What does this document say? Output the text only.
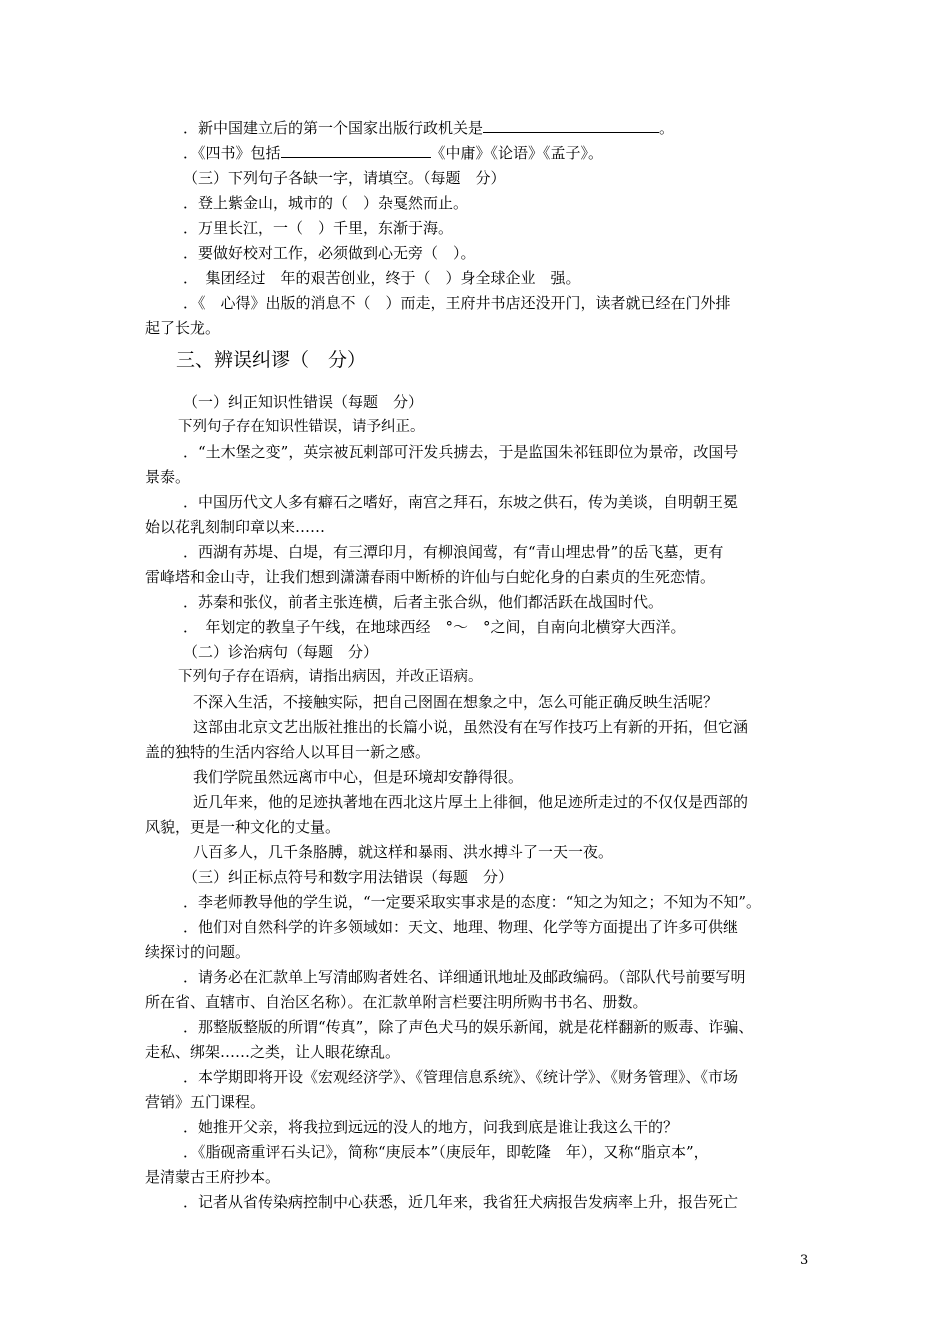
．新中国建立后的第一个国家出版行政机关是	。
．《四书》包括	《中庸》《论语》《孟子》。
（三）下列句子各缺一字，请填空。（每题　分）
．登上紫金山，城市的（　）杂戛然而止。
．万里长江，一（　）千里，东渐于海。
．要做好校对工作，必须做到心无旁（　）。
．　集团经过　年的艰苦创业，终于（　）身全球企业　强。
．《　心得》出版的消息不（　）而走，王府井书店还没开门，读者就已经在门外排
起了长龙。
三、辨误纠谬（　分）
（一）纠正知识性错误（每题　分）
下列句子存在知识性错误，请予纠正。
．“土木堡之变”，英宗被瓦剌部可汗发兵掳去，于是监国朱祁钰即位为景帝，改国号
景泰。
．中国历代文人多有癖石之嗜好，南宫之拜石，东坡之供石，传为美谈，自明朝王冕
始以花乳刻制印章以来……
．西湖有苏堤、白堤，有三潭印月，有柳浪闻莺，有“青山埋忠骨”的岳飞墓，更有
雷峰塔和金山寺，让我们想到潇潇春雨中断桥的许仙与白蛇化身的白素贞的生死恋情。
．苏秦和张仪，前者主张连横，后者主张合纵，他们都活跃在战国时代。
．　年划定的教皇子午线，在地球西经　°～　°之间，自南向北横穿大西洋。
（二）诊治病句（每题　分）
下列句子存在语病，请指出病因，并改正语病。
不深入生活，不接触实际，把自己囹圄在想象之中，怎么可能正确反映生活呢？
这部由北京文艺出版社推出的长篇小说，虽然没有在写作技巧上有新的开拓，但它涵
盖的独特的生活内容给人以耳目一新之感。
我们学院虽然远离市中心，但是环境却安静得很。
近几年来，他的足迹执著地在西北这片厚土上徘徊，他足迹所走过的不仅仅是西部的
风貌，更是一种文化的丈量。
八百多人，几千条胳膊，就这样和暴雨、洪水搏斗了一天一夜。
（三）纠正标点符号和数字用法错误（每题　分）
．李老师教导他的学生说，“一定要采取实事求是的态度：“知之为知之；不知为不知”。
．他们对自然科学的许多领域如：天文、地理、物理、化学等方面提出了许多可供继
续探讨的问题。
．请务必在汇款单上写清邮购者姓名、详细通讯地址及邮政编码。（部队代号前要写明
所在省、直辖市、自治区名称）。在汇款单附言栏要注明所购书书名、册数。
．那整版整版的所谓“传真”，除了声色犬马的娱乐新闻，就是花样翻新的贩毒、诈骗、
走私、绑架……之类，让人眼花缭乱。
．本学期即将开设《宏观经济学》、《管理信息系统》、《统计学》、《财务管理》、《市场
营销》五门课程。
．她推开父亲，将我拉到远远的没人的地方，问我到底是谁让我这么干的？
．《脂砚斋重评石头记》，简称“庚辰本”（庚辰年，即乾隆　年），又称“脂京本”，
是清蒙古王府抄本。
．记者从省传染病控制中心获悉，近几年来，我省狂犬病报告发病率上升，报告死亡
3
